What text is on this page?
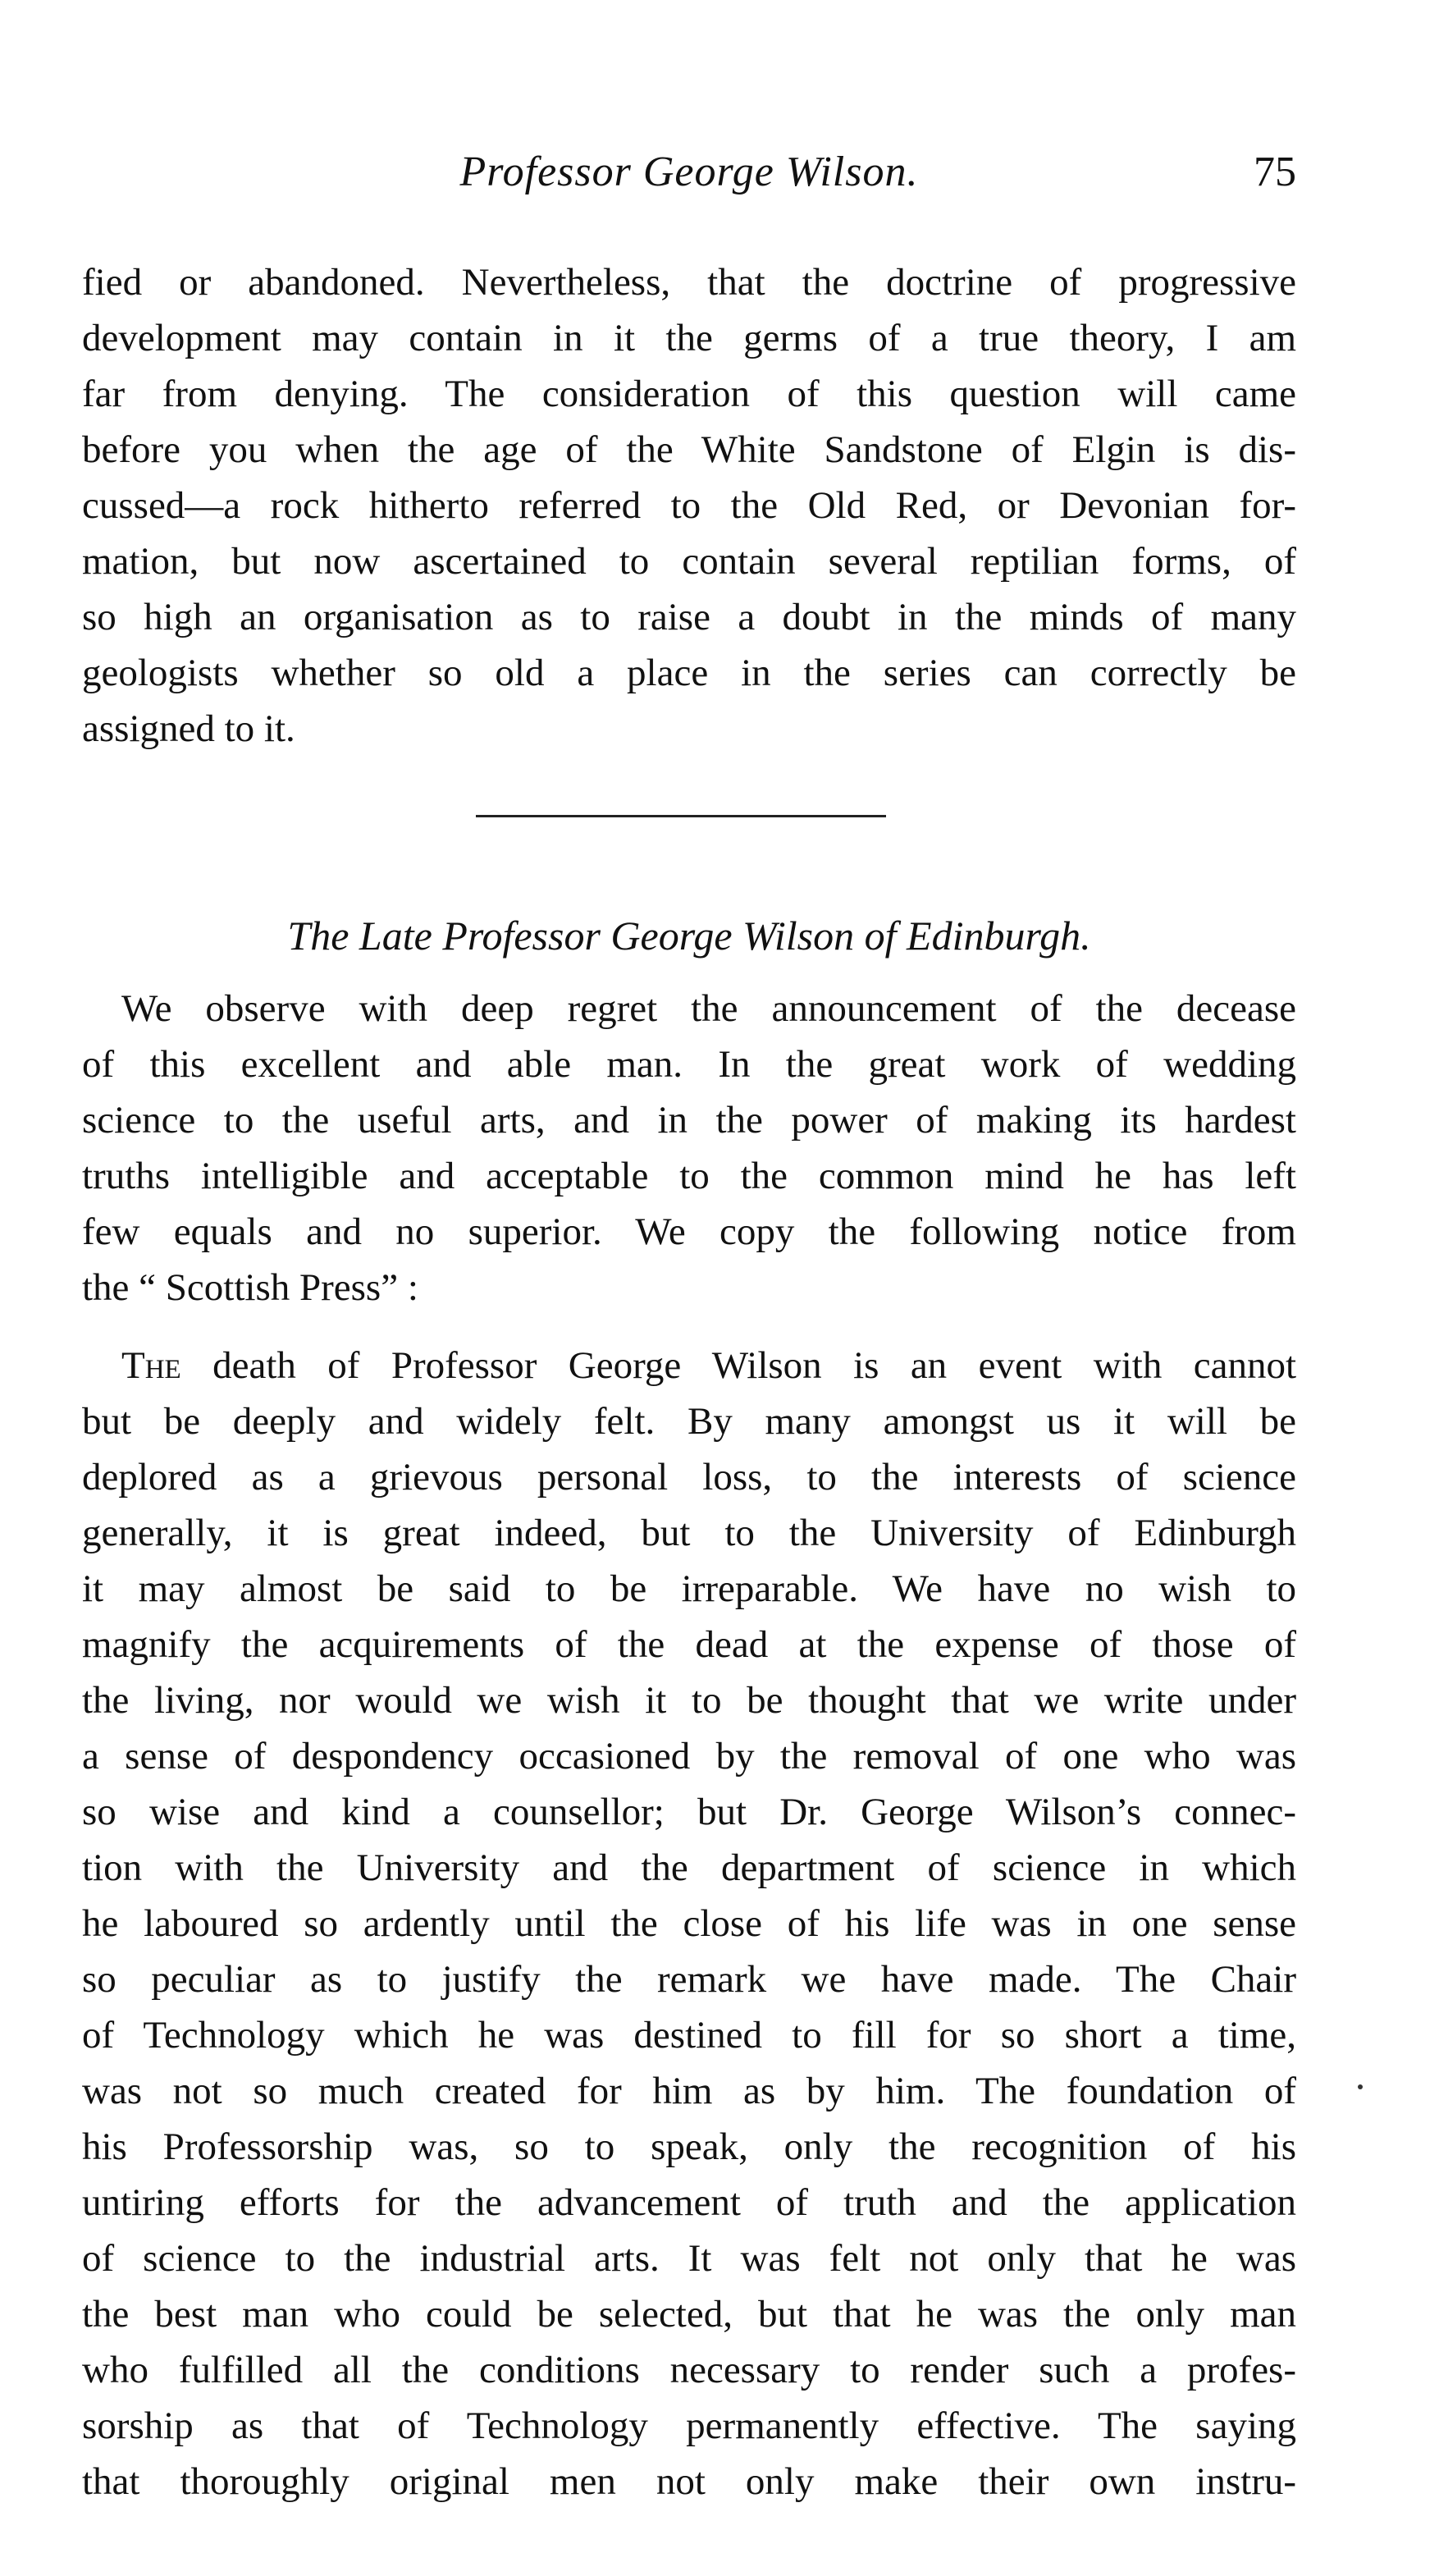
Professor George Wilson.	75
fied or abandoned. Nevertheless, that the doctrine of progressive
development may contain in it the germs of a true theory, I am
far from denying. The consideration of this question will came
before you when the age of the White Sandstone of Elgin is dis-
cussed—a rock hitherto referred to the Old Red, or Devonian for-
mation, but now ascertained to contain several reptilian forms, of
so high an organisation as to raise a doubt in the minds of many
geologists whether so old a place in the series can correctly be
assigned to it.
The Late Professor George Wilson of Edinburgh.
We observe with deep regret the announcement of the decease
of this excellent and able man. In the great work of wedding
science to the useful arts, and in the power of making its hardest
truths intelligible and acceptable to the common mind he has left
few equals and no superior. We copy the following notice from
the “ Scottish Press” :
The death of Professor George Wilson is an event with cannot
but be deeply and widely felt. By many amongst us it will be
deplored as a grievous personal loss, to the interests of science
generally, it is great indeed, but to the University of Edinburgh
it may almost be said to be irreparable. We have no wish to
magnify the acquirements of the dead at the expense of those of
the living, nor would we wish it to be thought that we write under
a sense of despondency occasioned by the removal of one who was
so wise and kind a counsellor; but Dr. George Wilson’s connec-
tion with the University and the department of science in which
he laboured so ardently until the close of his life was in one sense
so peculiar as to justify the remark we have made. The Chair
of Technology which he was destined to fill for so short a time,
was not so much created for him as by him. The foundation of
his Professorship was, so to speak, only the recognition of his
untiring efforts for the advancement of truth and the application
of science to the industrial arts. It was felt not only that he was
the best man who could be selected, but that he was the only man
who fulfilled all the conditions necessary to render such a profes-
sorship as that of Technology permanently effective. The saying
that thoroughly original men not only make their own instru-
